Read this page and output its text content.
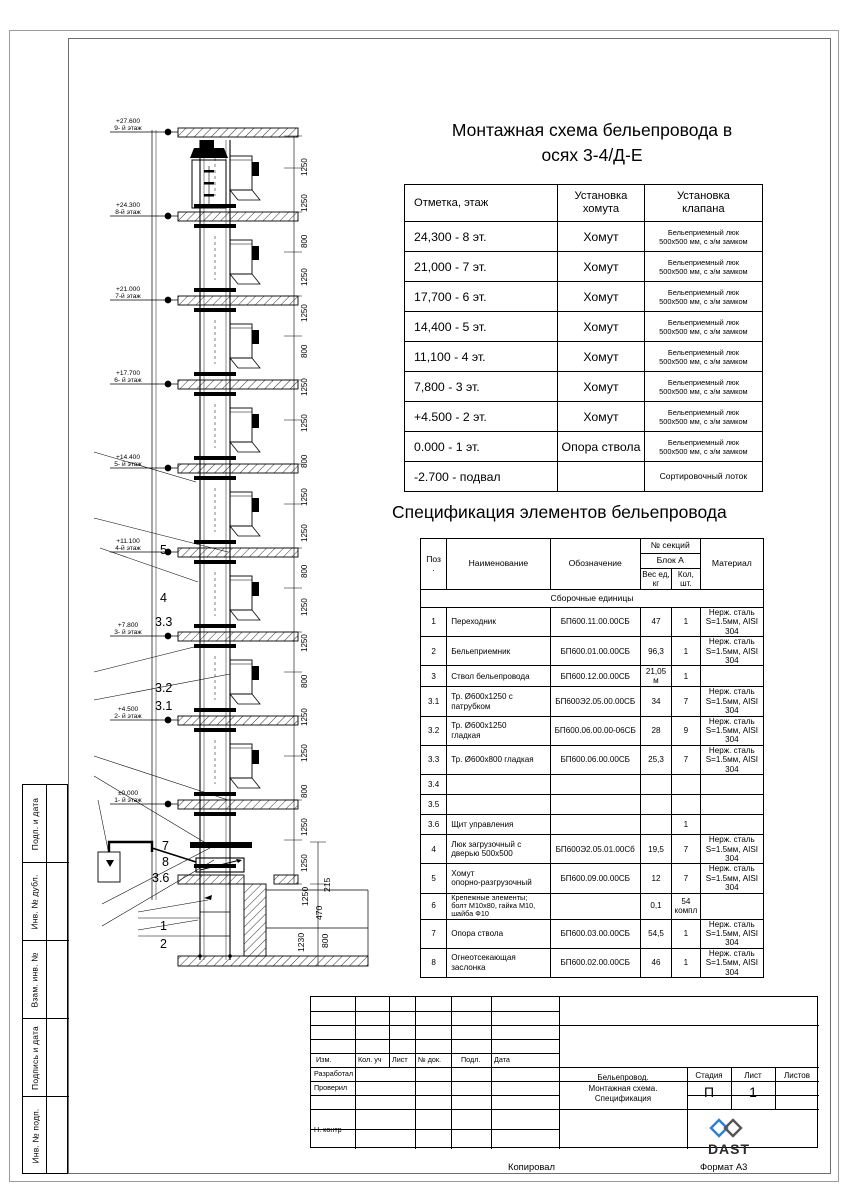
Подп. и дата
Инв. № дубл.
Взам. инв. №
Подпись и дата
Инв. № подп.
+27.600
9- й этаж
+24.300
8-й этаж
+21.000
7-й этаж
+17.700
6- й этаж
+14.400
5- й этаж
+11.100
4-й этаж
+7.800
3- й этаж
+4.500
2- й этаж
±0.000
1- й этаж
5
4
3.3
3.2
3.1
7
8
3.6
1
2
1250
1250
800
1250
1250
800
1250
1250
800
1250
1250
800
1250
1250
800
1250
1250
800
1250
1250
1250
215
470
1230 800
Монтажная схема бельепровода в
осях 3-4/Д-Е
Отметка, этаж	Установка
хомута	Установка
клапана
24,300 - 8 эт.	Хомут	Бельеприемный люк
500х500 мм, с э/м замком
21,000 - 7 эт.	Хомут	Бельеприемный люк
500х500 мм, с э/м замком
17,700 - 6 эт.	Хомут	Бельеприемный люк
500х500 мм, с э/м замком
14,400 - 5 эт.	Хомут	Бельеприемный люк
500х500 мм, с э/м замком
11,100 - 4 эт.	Хомут	Бельеприемный люк
500х500 мм, с э/м замком
7,800 - 3 эт.	Хомут	Бельеприемный люк
500х500 мм, с э/м замком
+4.500 - 2 эт.	Хомут	Бельеприемный люк
500х500 мм, с э/м замком
0.000 - 1 эт.	Опора ствола	Бельеприемный люк
500х500 мм, с э/м замком
-2.700 - подвал		Сортировочный лоток
Спецификация элементов бельепровода
Поз
.	Наименование	Обозначение	№ секций		Материал
			Блок А		
			Вес ед,
кг	Кол,
шт.	
Сборочные единицы					
1	Переходник	БП600.11.00.00СБ	47	1	Нерж. сталь
S=1.5мм, AISI 304
2	Бельеприемник	БП600.01.00.00СБ	96,3	1	Нерж. сталь
S=1.5мм, AISI 304
3	Ствол бельепровода	БП600.12.00.00СБ	21,05
м	1	
3.1	Тр. Ø600х1250 с
патрубком	БП600Э2.05.00.00СБ	34	7	Нерж. сталь
S=1.5мм, AISI 304
3.2	Тр. Ø600х1250
гладкая	БП600.06.00.00-06СБ	28	9	Нерж. сталь
S=1.5мм, AISI 304
3.3	Тр. Ø600х800 гладкая	БП600.06.00.00СБ	25,3	7	Нерж. сталь
S=1.5мм, AISI 304
3.4					
3.5					
3.6	Щит управления			1	
4	Люк загрузочный с
дверью 500х500	БП600Э2.05.01.00Сб	19,5	7	Нерж. сталь
S=1.5мм, AISI 304
5	Хомут
опорно-разгрузочный	БП600.09.00.00СБ	12	7	Нерж. сталь
S=1.5мм, AISI 304
6	Крепежные элементы;
болт М10х80, гайка М10,
шайба Ф10		0,1	54
компл	
7	Опора ствола	БП600.03.00.00СБ	54,5	1	Нерж. сталь
S=1.5мм, AISI 304
8	Огнеотсекающая
заслонка	БП600.02.00.00СБ	46	1	Нерж. сталь
S=1.5мм, AISI 304
Изм.	Кол. уч Лист № док.	Подл. Дата
Разработал
Проверил
Н. контр
Бельепровод.
Монтажная схема.
Спецификация
Стадия	Лист	Листов
П	1
DAST
Копировал	Формат А3
